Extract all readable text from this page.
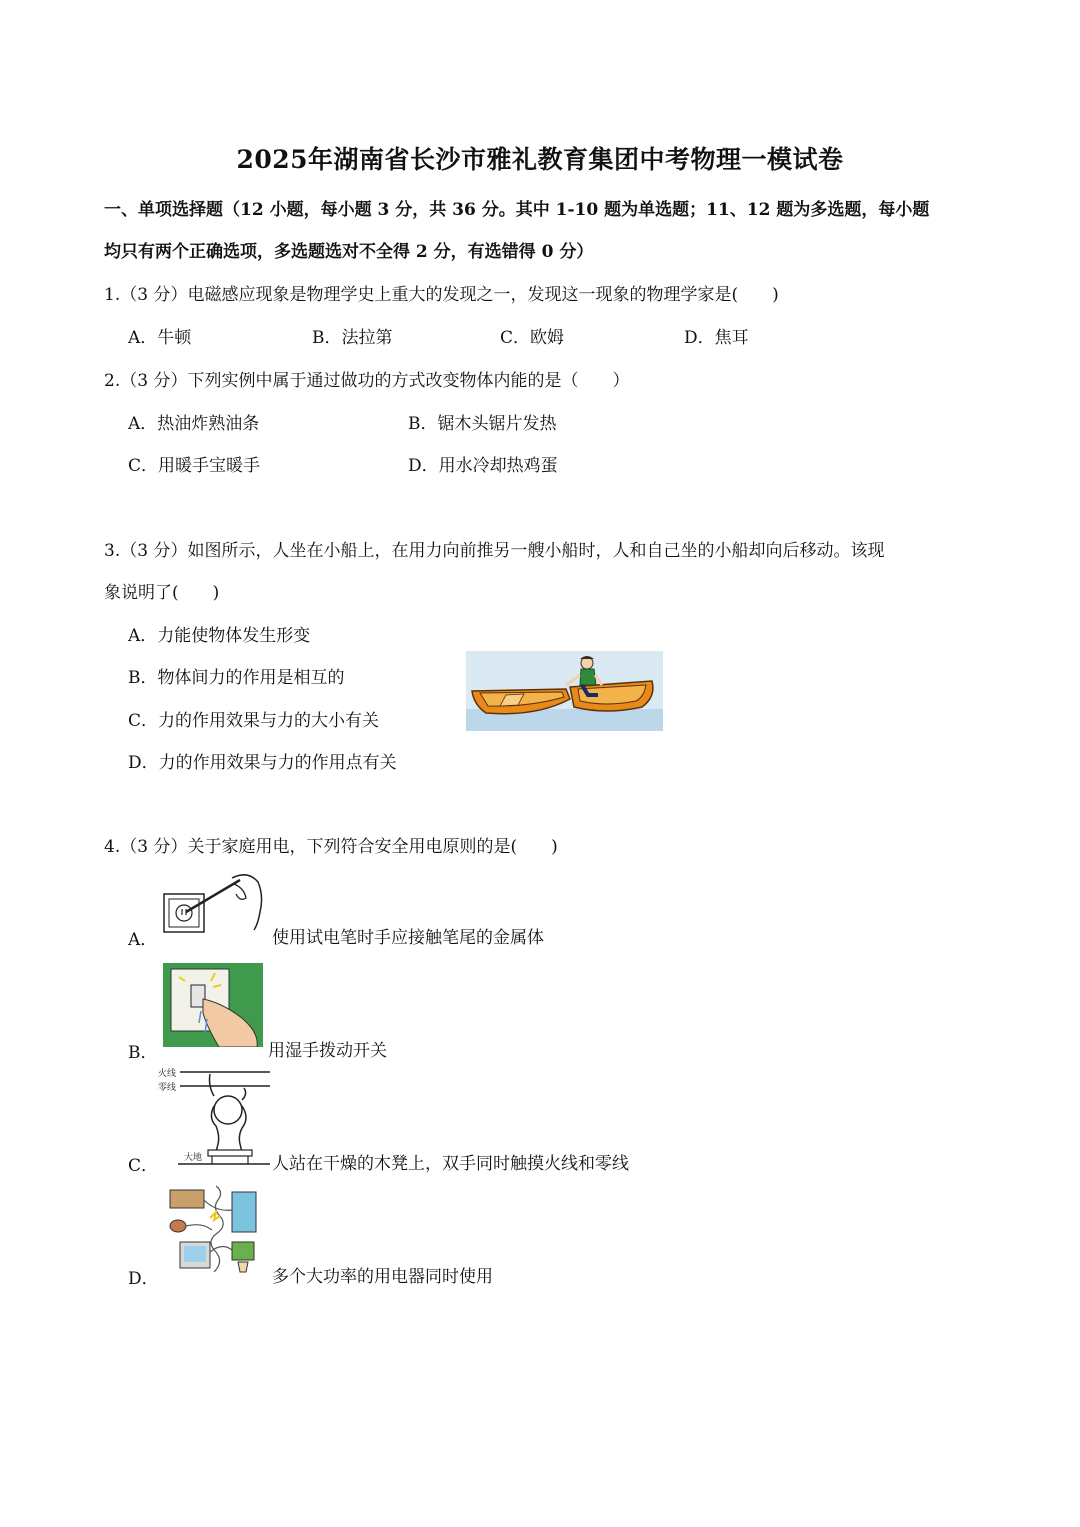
2025年湖南省长沙市雅礼教育集团中考物理一模试卷
一、单项选择题（12 小题，每小题 3 分，共 36 分。其中 1-10 题为单选题；11、12 题为多选题，每小题
均只有两个正确选项，多选题选对不全得 2 分，有选错得 0 分）
1.（3 分）电磁感应现象是物理学史上重大的发现之一，发现这一现象的物理学家是(　　)
A．牛顿	B．法拉第	C．欧姆	D．焦耳
2.（3 分）下列实例中属于通过做功的方式改变物体内能的是（　　）
A．热油炸熟油条	B．锯木头锯片发热
C．用暖手宝暖手	D．用水冷却热鸡蛋
3.（3 分）如图所示，人坐在小船上，在用力向前推另一艘小船时，人和自己坐的小船却向后移动。该现
象说明了(　　)
A．力能使物体发生形变
B．物体间力的作用是相互的
C．力的作用效果与力的大小有关
D．力的作用效果与力的作用点有关
4.（3 分）关于家庭用电，下列符合安全用电原则的是(　　)
A．	使用试电笔时手应接触笔尾的金属体
B．	用湿手拨动开关
火线
零线
大地
C．	人站在干燥的木凳上，双手同时触摸火线和零线
D．	多个大功率的用电器同时使用
